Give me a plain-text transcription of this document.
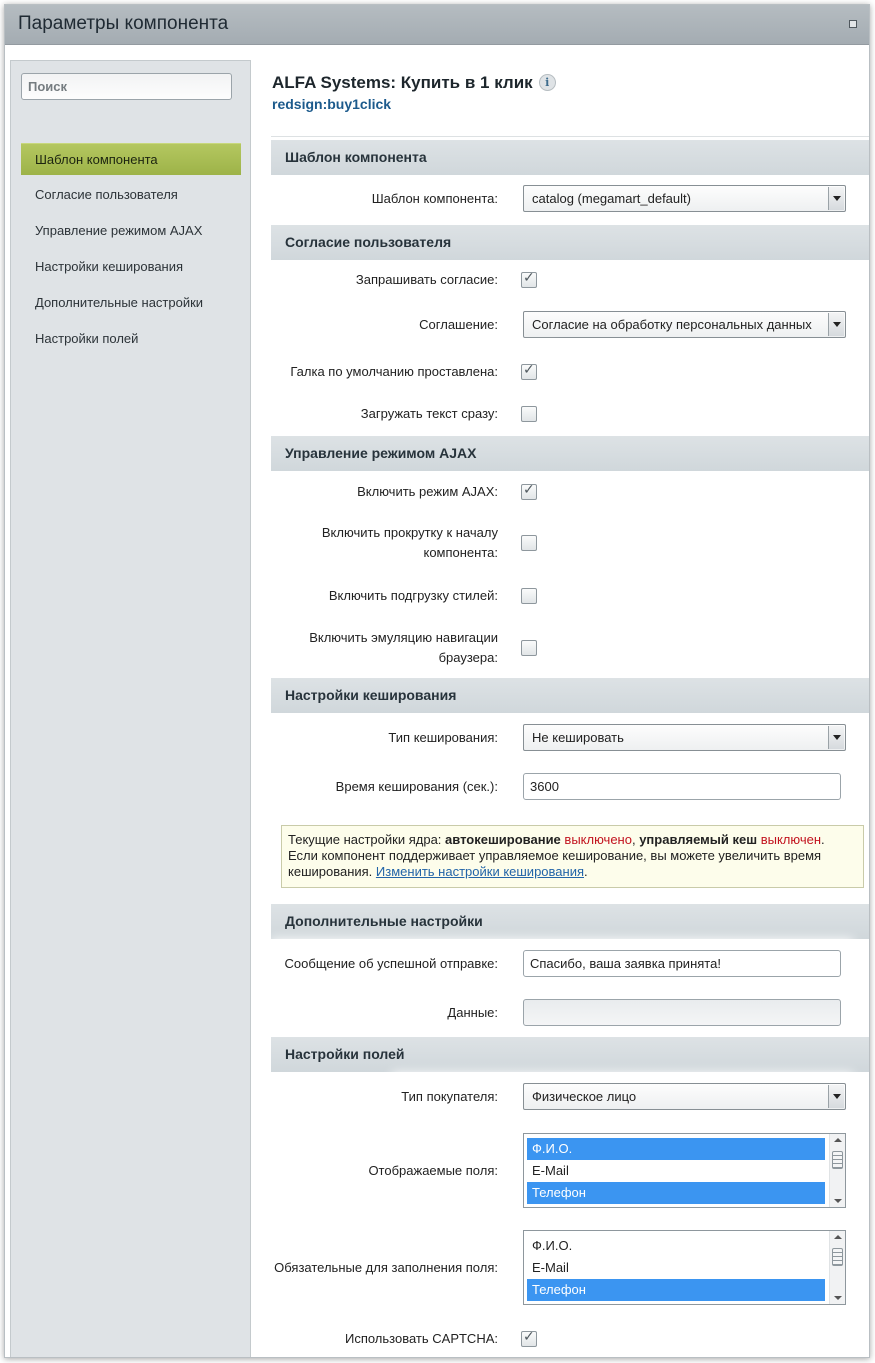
Параметры компонента
Поиск
Шаблон компонента
Согласие пользователя
Управление режимом AJAX
Настройки кеширования
Дополнительные настройки
Настройки полей
ALFA Systems: Купить в 1 клик i
redsign:buy1click
Шаблон компонента
Шаблон компонента:	catalog (megamart_default)
Согласие пользователя
Запрашивать согласие:
✓
Соглашение:	Согласие на обработку персональных данных
Галка по умолчанию проставлена:
✓
Загружать текст сразу:
Управление режимом AJAX
Включить режим AJAX:
✓
Включить прокрутку к началу компонента:
Включить подгрузку стилей:
Включить эмуляцию навигации браузера:
Настройки кеширования
Тип кеширования:	Не кешировать
Время кеширования (сек.):
3600
Текущие настройки ядра: автокеширование выключено, управляемый кеш выключен.
Если компонент поддерживает управляемое кеширование, вы можете увеличить время кеширования. Изменить настройки кеширования.
Дополнительные настройки
Сообщение об успешной отправке:
Спасибо, ваша заявка принята!
Данные:
Настройки полей
Тип покупателя:	Физическое лицо
Отображаемые поля:
Ф.И.О.
E-Mail
Телефон
Обязательные для заполнения поля:
Ф.И.О.
E-Mail
Телефон
Использовать CAPTCHA:
✓
